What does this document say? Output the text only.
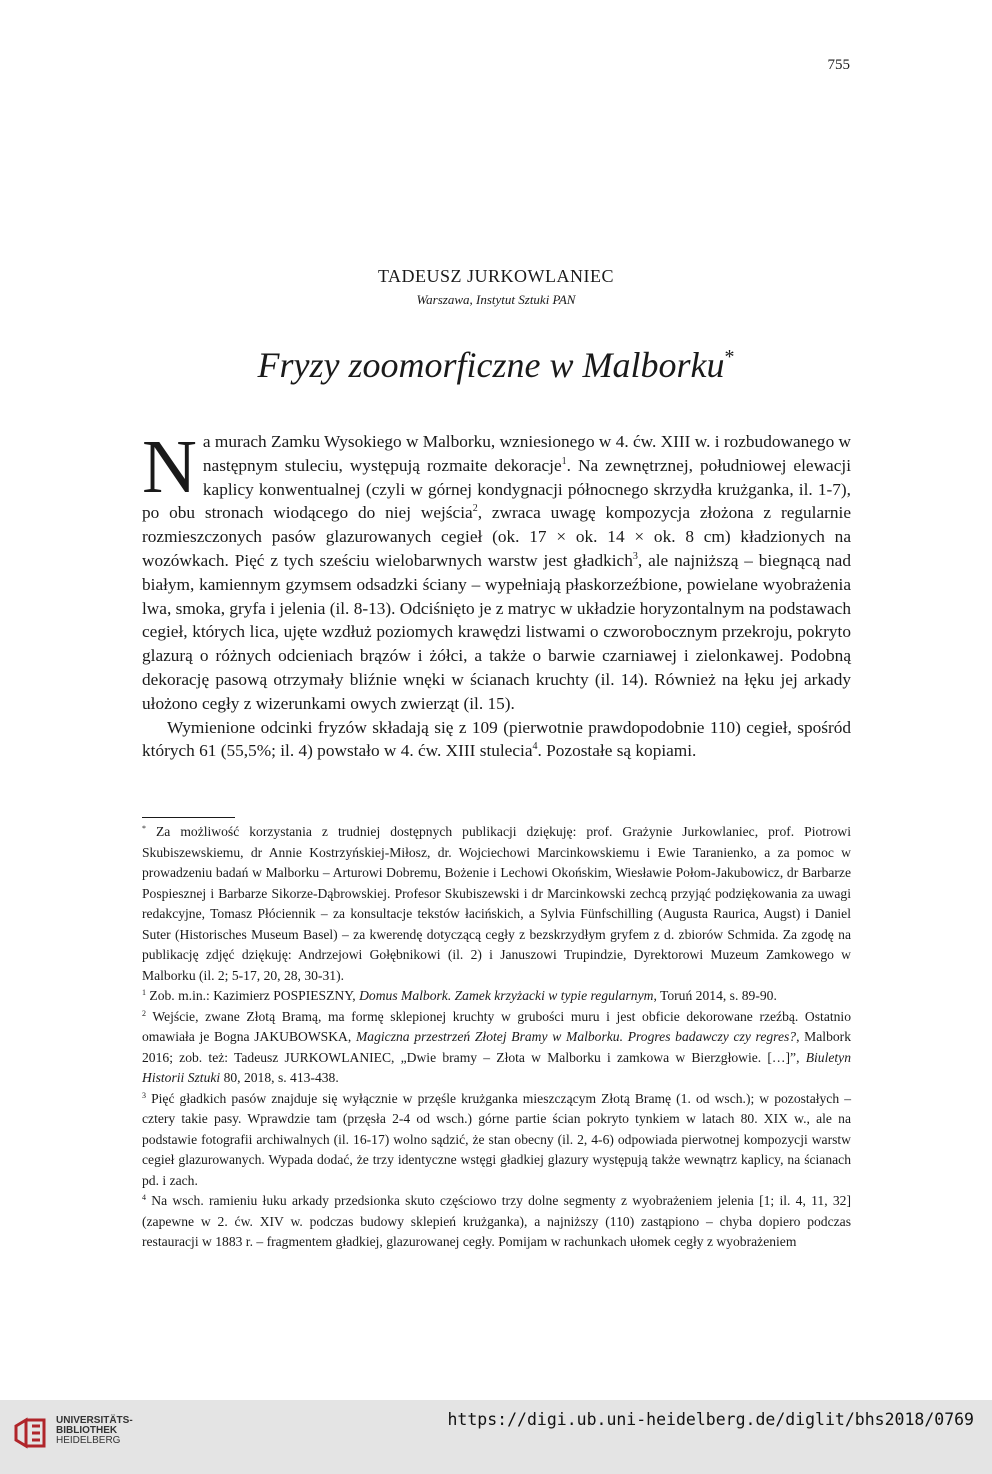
755
TADEUSZ JURKOWLANIEC
Warszawa, Instytut Sztuki PAN
Fryzy zoomorficzne w Malborku*

Na murach Zamku Wysokiego w Malborku, wzniesionego w 4. ćw. XIII w. i rozbudowanego w następnym stuleciu, występują rozmaite dekoracje$^1$. Na zewnętrznej, południowej elewacji kaplicy konwentualnej (czyli w górnej kondygnacji północnego skrzydła krużganka, il. 1-7), po obu stronach wiodącego do niej wejścia$^2$, zwraca uwagę kompozycja złożona z regularnie rozmieszczonych pasów glazurowanych cegieł (ok. 17 × ok. 14 × ok. 8 cm) kładzionych na wozówkach. Pięć z tych sześciu wielobarwnych warstw jest gładkich$^3$, ale najniższą – biegnącą nad białym, kamiennym gzymsem odsadzki ściany – wypełniają płaskorzeźbione, powielane wyobrażenia lwa, smoka, gryfa i jelenia (il. 8-13). Odciśnięto je z matryc w układzie horyzontalnym na podstawach cegieł, których lica, ujęte wzdłuż poziomych krawędzi listwami o czworobocznym przekroju, pokryto glazurą o różnych odcieniach brązów i żółci, a także o barwie czarniawej i zielonkawej. Podobną dekorację pasową otrzymały bliźnie wnęki w ścianach kruchty (il. 14). Również na łęku jej arkady ułożono cegły z wizerunkami owych zwierząt (il. 15).

Wymienione odcinki fryzów składają się z 109 (pierwotnie prawdopodobnie 110) cegieł, spośród których 61 (55,5%; il. 4) powstało w 4. ćw. XIII stulecia$^4$. Pozostałe są kopiami.

* Za możliwość korzystania z trudniej dostępnych publikacji dziękuję: prof. Grażynie Jurkowlaniec, prof. Piotrowi Skubiszewskiemu, dr Annie Kostrzyńskiej-Miłosz, dr. Wojciechowi Marcinkowskiemu i Ewie Taranienko, a za pomoc w prowadzeniu badań w Malborku – Arturowi Dobremu, Bożenie i Lechowi Okońskim, Wiesławie Połom-Jakubowicz, dr Barbarze Pospiesznej i Barbarze Sikorze-Dąbrowskiej. Profesor Skubiszewski i dr Marcinkowski zechcą przyjąć podziękowania za uwagi redakcyjne, Tomasz Płóciennik – za konsultacje tekstów łacińskich, a Sylvia Fünfschilling (Augusta Raurica, Augst) i Daniel Suter (Historisches Museum Basel) – za kwerendę dotyczącą cegły z bezskrzydłym gryfem z d. zbiorów Schmida. Za zgodę na publikację zdjęć dziękuję: Andrzejowi Gołębnikowi (il. 2) i Januszowi Trupindzie, Dyrektorowi Muzeum Zamkowego w Malborku (il. 2; 5-17, 20, 28, 30-31).

$^1$ Zob. m.in.: Kazimierz POSPIESZNY, Domus Malbork. Zamek krzyżacki w typie regularnym, Toruń 2014, s. 89-90.

$^2$ Wejście, zwane Złotą Bramą, ma formę sklepionej kruchty w grubości muru i jest obficie dekorowane rzeźbą. Ostatnio omawiała je Bogna JAKUBOWSKA, Magiczna przestrzeń Złotej Bramy w Malborku. Progres badawczy czy regres?, Malbork 2016; zob. też: Tadeusz JURKOWLANIEC, „Dwie bramy – Złota w Malborku i zamkowa w Bierzgłowie. […]”, Biuletyn Historii Sztuki 80, 2018, s. 413-438.

$^3$ Pięć gładkich pasów znajduje się wyłącznie w przęśle krużganka mieszczącym Złotą Bramę (1. od wsch.); w pozostałych – cztery takie pasy. Wprawdzie tam (przęsła 2-4 od wsch.) górne partie ścian pokryto tynkiem w latach 80. XIX w., ale na podstawie fotografii archiwalnych (il. 16-17) wolno sądzić, że stan obecny (il. 2, 4-6) odpowiada pierwotnej kompozycji warstw cegieł glazurowanych. Wypada dodać, że trzy identyczne wstęgi gładkiej glazury występują także wewnątrz kaplicy, na ścianach pd. i zach.

$^4$ Na wsch. ramieniu łuku arkady przedsionka skuto częściowo trzy dolne segmenty z wyobrażeniem jelenia [1; il. 4, 11, 32] (zapewne w 2. ćw. XIV w. podczas budowy sklepień krużganka), a najniższy (110) zastąpiono – chyba dopiero podczas restauracji w 1883 r. – fragmentem gładkiej, glazurowanej cegły. Pomijam w rachunkach ułomek cegły z wyobrażeniem

UNIVERSITÄTS-
BIBLIOTHEK
HEIDELBERG
https://digi.ub.uni-heidelberg.de/diglit/bhs2018/0769
